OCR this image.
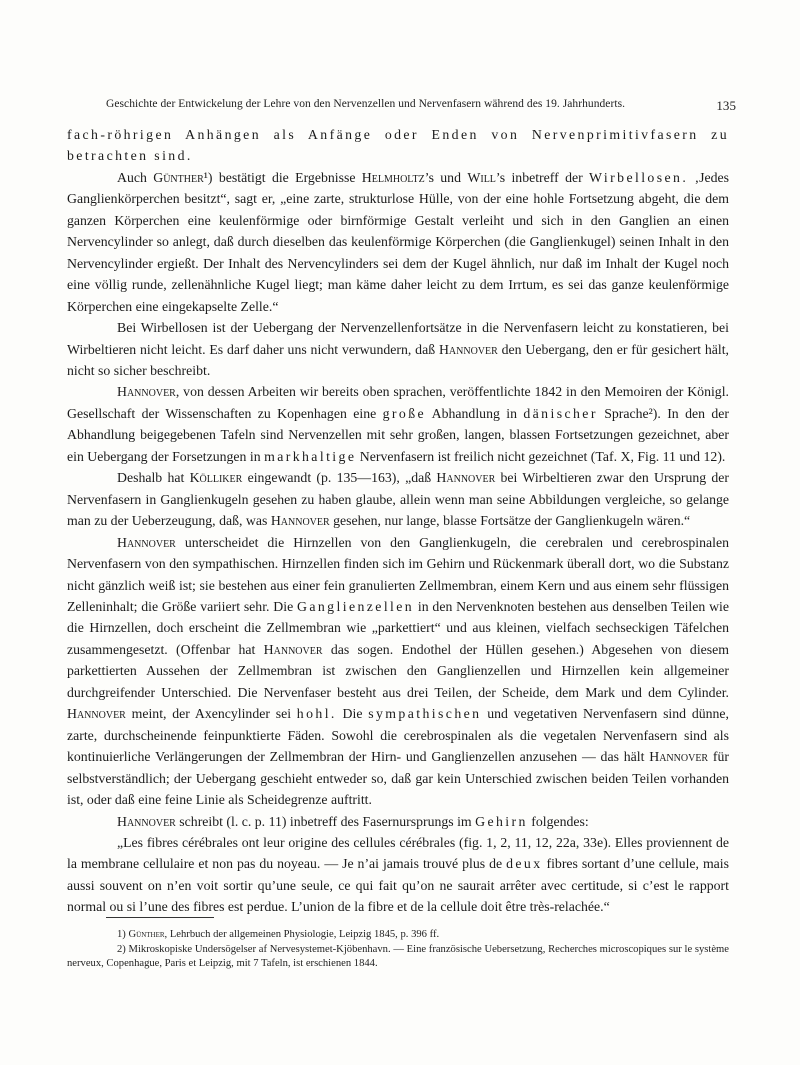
Geschichte der Entwickelung der Lehre von den Nervenzellen und Nervenfasern während des 19. Jahrhunderts.	135

fach-röhrigen Anhängen als Anfänge oder Enden von Nervenprimitivfasern zu betrachten sind.

Auch Günther¹) bestätigt die Ergebnisse Helmholtz’s und Will’s inbetreff der Wirbellosen. ‚Jedes Ganglienkörperchen besitzt“, sagt er, „eine zarte, strukturlose Hülle, von der eine hohle Fortsetzung abgeht, die dem ganzen Körperchen eine keulenförmige oder birnförmige Gestalt verleiht und sich in den Ganglien an einen Nervencylinder so anlegt, daß durch dieselben das keulenförmige Körperchen (die Ganglienkugel) seinen Inhalt in den Nervencylinder ergießt. Der Inhalt des Nervencylinders sei dem der Kugel ähnlich, nur daß im Inhalt der Kugel noch eine völlig runde, zellenähnliche Kugel liegt; man käme daher leicht zu dem Irrtum, es sei das ganze keulenförmige Körperchen eine eingekapselte Zelle.“

Bei Wirbellosen ist der Uebergang der Nervenzellenfortsätze in die Nervenfasern leicht zu konstatieren, bei Wirbeltieren nicht leicht. Es darf daher uns nicht verwundern, daß Hannover den Uebergang, den er für gesichert hält, nicht so sicher beschreibt.

Hannover, von dessen Arbeiten wir bereits oben sprachen, veröffentlichte 1842 in den Memoiren der Königl. Gesellschaft der Wissenschaften zu Kopenhagen eine große Abhandlung in dänischer Sprache²). In den der Abhandlung beigegebenen Tafeln sind Nervenzellen mit sehr großen, langen, blassen Fortsetzungen gezeichnet, aber ein Uebergang der Forsetzungen in markhaltige Nervenfasern ist freilich nicht gezeichnet (Taf. X, Fig. 11 und 12).

Deshalb hat Kölliker eingewandt (p. 135—163), „daß Hannover bei Wirbeltieren zwar den Ursprung der Nervenfasern in Ganglienkugeln gesehen zu haben glaube, allein wenn man seine Abbildungen vergleiche, so gelange man zu der Ueberzeugung, daß, was Hannover gesehen, nur lange, blasse Fortsätze der Ganglienkugeln wären.“

Hannover unterscheidet die Hirnzellen von den Ganglienkugeln, die cerebralen und cerebrospinalen Nervenfasern von den sympathischen. Hirnzellen finden sich im Gehirn und Rückenmark überall dort, wo die Substanz nicht gänzlich weiß ist; sie bestehen aus einer fein granulierten Zellmembran, einem Kern und aus einem sehr flüssigen Zelleninhalt; die Größe variiert sehr. Die Ganglienzellen in den Nervenknoten bestehen aus denselben Teilen wie die Hirnzellen, doch erscheint die Zellmembran wie „parkettiert“ und aus kleinen, vielfach sechseckigen Täfelchen zusammengesetzt. (Offenbar hat Hannover das sogen. Endothel der Hüllen gesehen.) Abgesehen von diesem parkettierten Aussehen der Zellmembran ist zwischen den Ganglienzellen und Hirnzellen kein allgemeiner durchgreifender Unterschied. Die Nervenfaser besteht aus drei Teilen, der Scheide, dem Mark und dem Cylinder. Hannover meint, der Axencylinder sei hohl. Die sympathischen und vegetativen Nervenfasern sind dünne, zarte, durchscheinende feinpunktierte Fäden. Sowohl die cerebrospinalen als die vegetalen Nervenfasern sind als kontinuierliche Verlängerungen der Zellmembran der Hirn- und Ganglienzellen anzusehen — das hält Hannover für selbstverständlich; der Uebergang geschieht entweder so, daß gar kein Unterschied zwischen beiden Teilen vorhanden ist, oder daß eine feine Linie als Scheidegrenze auftritt.

Hannover schreibt (l. c. p. 11) inbetreff des Fasernursprungs im Gehirn folgendes:

„Les fibres cérébrales ont leur origine des cellules cérébrales (fig. 1, 2, 11, 12, 22a, 33e). Elles proviennent de la membrane cellulaire et non pas du noyeau. — Je n’ai jamais trouvé plus de deux fibres sortant d’une cellule, mais aussi souvent on n’en voit sortir qu’une seule, ce qui fait qu’on ne saurait arrêter avec certitude, si c’est le rapport normal ou si l’une des fibres est perdue. L’union de la fibre et de la cellule doit être très-relachée.“

1) Günther, Lehrbuch der allgemeinen Physiologie, Leipzig 1845, p. 396 ff.

2) Mikroskopiske Undersögelser af Nervesystemet-Kjöbenhavn. — Eine französische Uebersetzung, Recherches microscopiques sur le système nerveux, Copenhague, Paris et Leipzig, mit 7 Tafeln, ist erschienen 1844.
